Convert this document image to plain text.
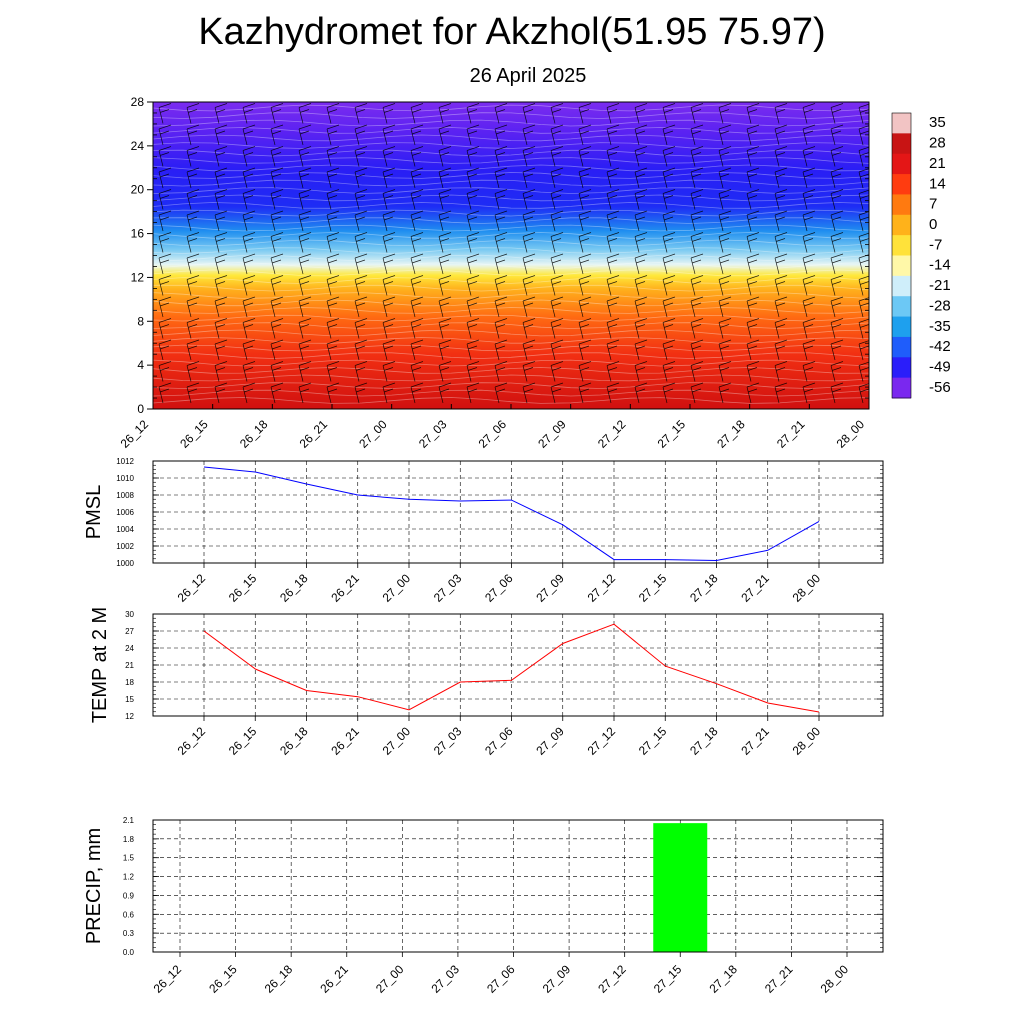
Kazhydromet for Akzhol(51.95 75.97)
26 April 2025
0
4
8
12
16
20
24
28
26_12 26_15 26_18 26_21 27_00 27_03 27_06 27_09 27_12 27_15 27_18 27_21 28_00
35
28
21
14
7
0
-7
-14
-21
-28
-35
-42
-49
-56
1000
1002
1004
1006
1008
1010
1012
26_12 26_15 26_18 26_21 27_00 27_03 27_06 27_09 27_12 27_15 27_18 27_21 28_00
PMSL
12
15
18
21
24
27
30
26_12 26_15 26_18 26_21 27_00 27_03 27_06 27_09 27_12 27_15 27_18 27_21 28_00
TEMP at 2 M
0.0
0.3
0.6
0.9
1.2
1.5
1.8
2.1
26_12 26_15 26_18 26_21 27_00 27_03 27_06 27_09 27_12 27_15 27_18 27_21 28_00
PRECIP, mm
